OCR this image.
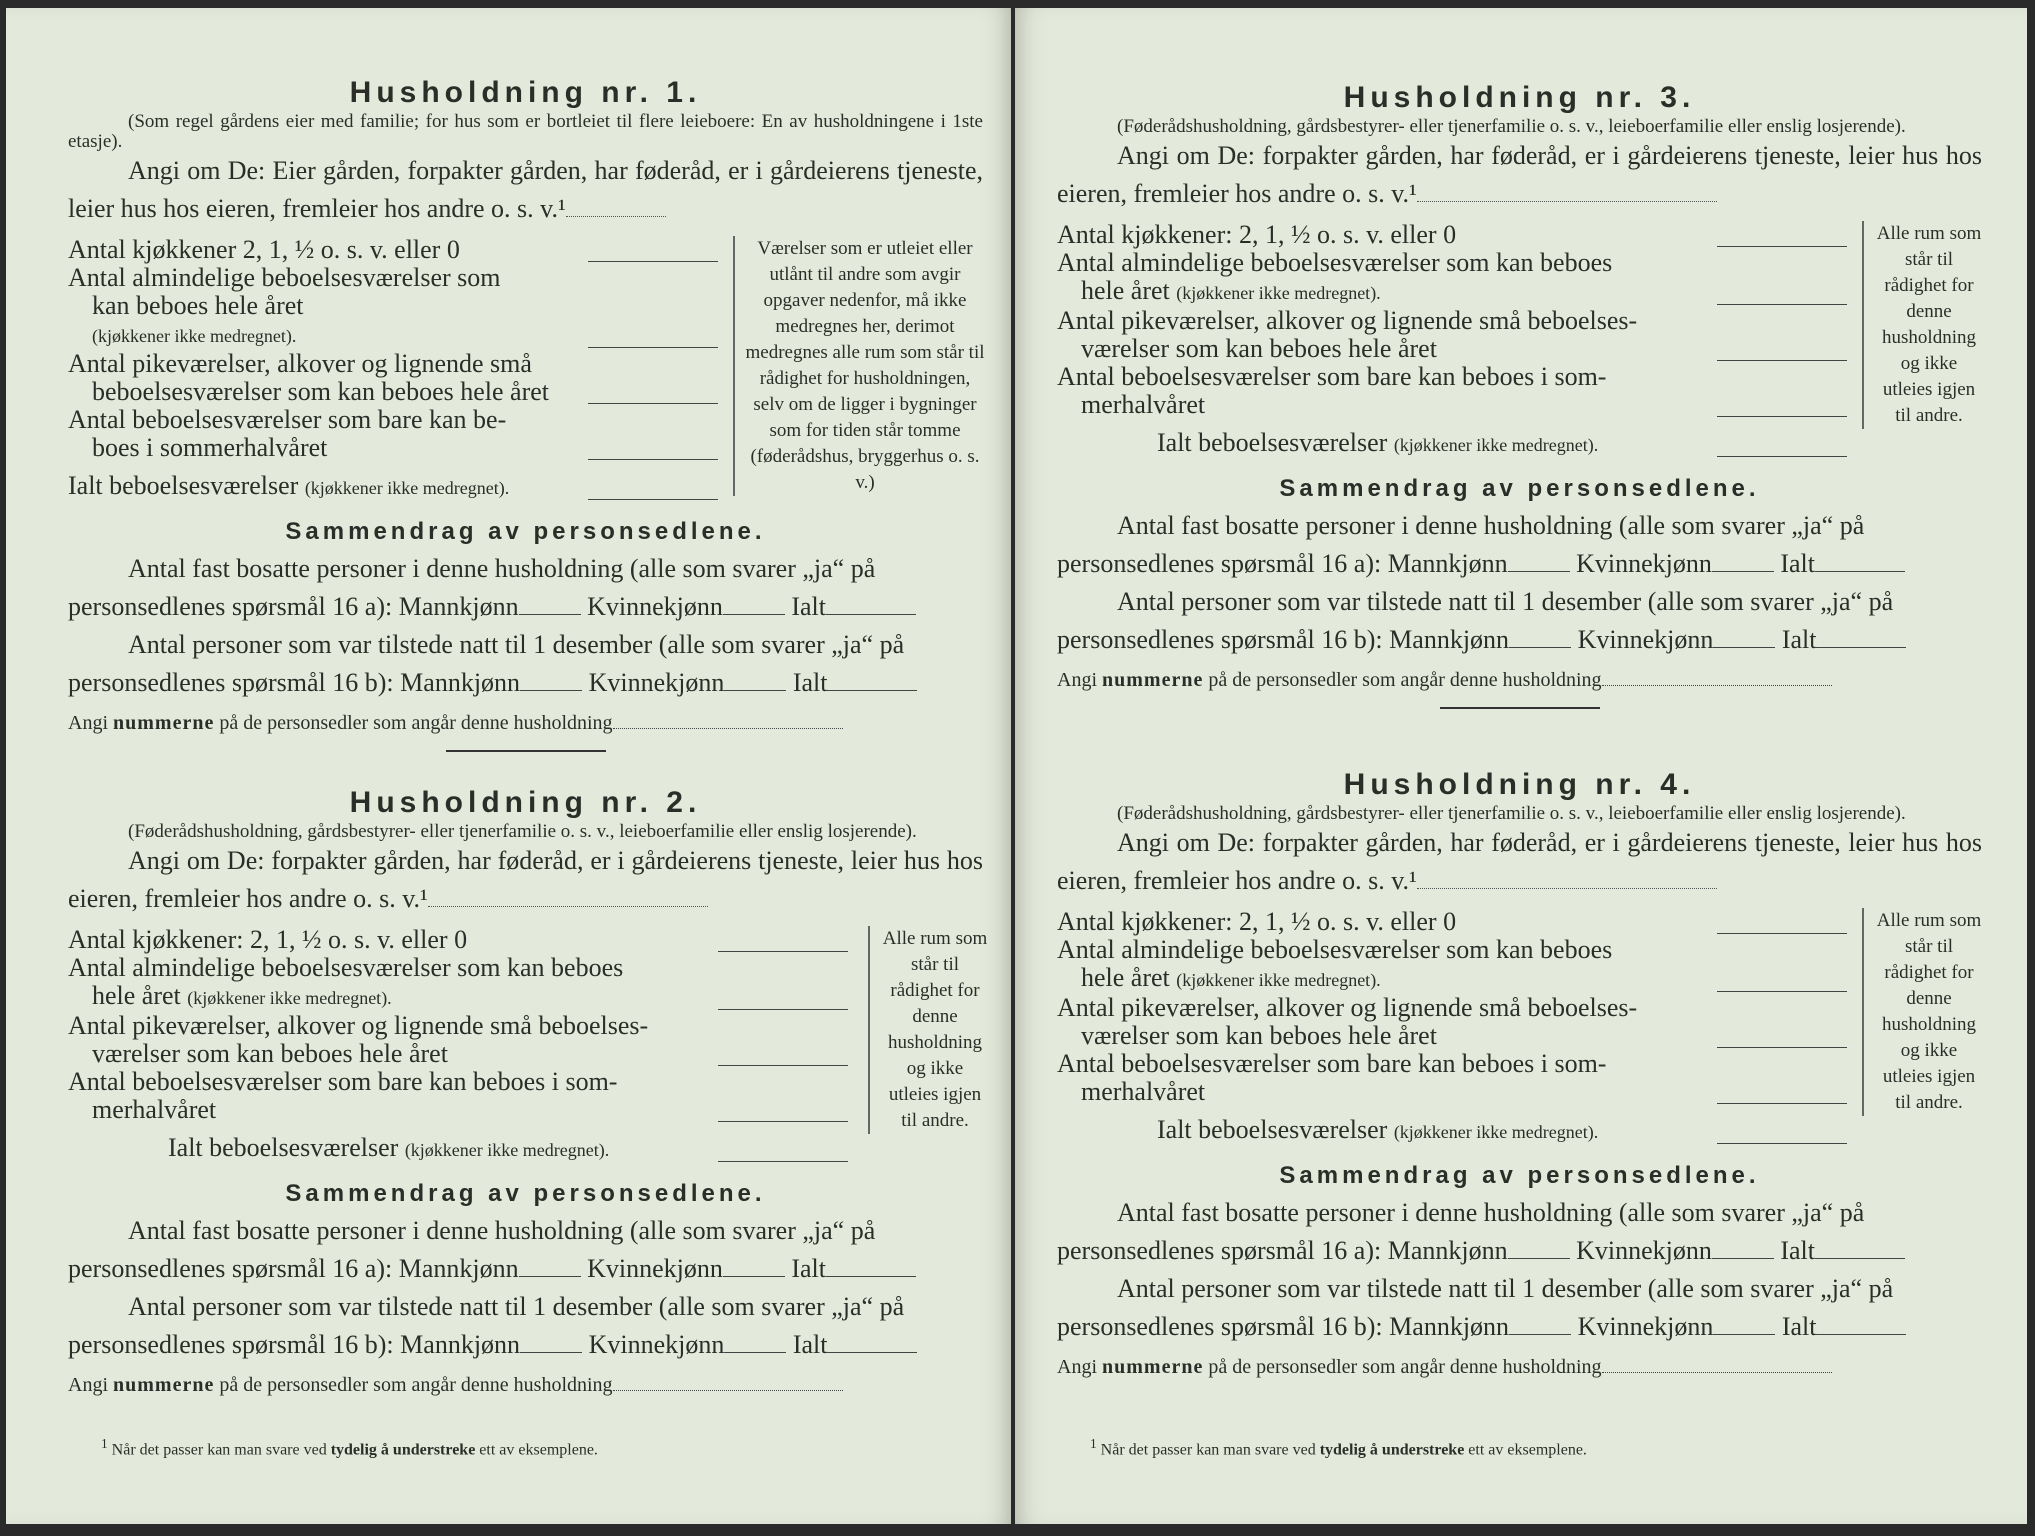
Husholdning nr. 1.

(Som regel gårdens eier med familie; for hus som er bortleiet til flere leieboere: En av husholdningene i 1ste etasje).

Angi om De: Eier gården, forpakter gården, har føderåd, er i gårdeierens tjeneste, leier hus hos eieren, fremleier hos andre o. s. v.¹

Antal kjøkkener 2, 1, ½ o. s. v. eller 0
Antal almindelige beboelsesværelser som
kan beboes hele året

(kjøkkener ikke medregnet).
Antal pikeværelser, alkover og lignende små
beboelsesværelser som kan beboes hele året
Antal beboelsesværelser som bare kan be-
boes i sommerhalvåret
Ialt beboelsesværelser (kjøkkener ikke medregnet).
Værelser som er utleiet eller utlånt til andre som avgir opgaver nedenfor, må ikke medregnes her, derimot medregnes alle rum som står til rådighet for husholdningen, selv om de ligger i bygninger som for tiden står tomme (føderådshus, bryggerhus o. s. v.)

Sammendrag av personsedlene.

Antal fast bosatte personer i denne husholdning (alle som svarer „ja“ på

personsedlenes spørsmål 16 a): Mannkjønn	Kvinnekjønn	Ialt

Antal personer som var tilstede natt til 1 desember (alle som svarer „ja“ på

personsedlenes spørsmål 16 b): Mannkjønn	Kvinnekjønn	Ialt

Angi nummerne på de personsedler som angår denne husholdning

Husholdning nr. 2.

(Føderådshusholdning, gårdsbestyrer- eller tjenerfamilie o. s. v., leieboerfamilie eller enslig losjerende).

Angi om De: forpakter gården, har føderåd, er i gårdeierens tjeneste, leier hus hos eieren, fremleier hos andre o. s. v.¹

Antal kjøkkener: 2, 1, ½ o. s. v. eller 0
Antal almindelige beboelsesværelser som kan beboes
hele året (kjøkkener ikke medregnet).
Antal pikeværelser, alkover og lignende små beboelses-
værelser som kan beboes hele året
Antal beboelsesværelser som bare kan beboes i som-
merhalvåret
Ialt beboelsesværelser (kjøkkener ikke medregnet).
Alle rum som står til rådighet for denne husholdning og ikke utleies igjen til andre.

Sammendrag av personsedlene.

Antal fast bosatte personer i denne husholdning (alle som svarer „ja“ på

personsedlenes spørsmål 16 a): Mannkjønn	Kvinnekjønn	Ialt

Antal personer som var tilstede natt til 1 desember (alle som svarer „ja“ på

personsedlenes spørsmål 16 b): Mannkjønn	Kvinnekjønn	Ialt

Angi nummerne på de personsedler som angår denne husholdning
$^1$ Når det passer kan man svare ved tydelig å understreke ett av eksemplene.

Husholdning nr. 3.

(Føderådshusholdning, gårdsbestyrer- eller tjenerfamilie o. s. v., leieboerfamilie eller enslig losjerende).

Angi om De: forpakter gården, har føderåd, er i gårdeierens tjeneste, leier hus hos eieren, fremleier hos andre o. s. v.¹

Antal kjøkkener: 2, 1, ½ o. s. v. eller 0
Antal almindelige beboelsesværelser som kan beboes
hele året (kjøkkener ikke medregnet).
Antal pikeværelser, alkover og lignende små beboelses-
værelser som kan beboes hele året
Antal beboelsesværelser som bare kan beboes i som-
merhalvåret
Ialt beboelsesværelser (kjøkkener ikke medregnet).
Alle rum som står til rådighet for denne husholdning og ikke utleies igjen til andre.

Sammendrag av personsedlene.

Antal fast bosatte personer i denne husholdning (alle som svarer „ja“ på

personsedlenes spørsmål 16 a): Mannkjønn	Kvinnekjønn	Ialt

Antal personer som var tilstede natt til 1 desember (alle som svarer „ja“ på

personsedlenes spørsmål 16 b): Mannkjønn	Kvinnekjønn	Ialt

Angi nummerne på de personsedler som angår denne husholdning

Husholdning nr. 4.

(Føderådshusholdning, gårdsbestyrer- eller tjenerfamilie o. s. v., leieboerfamilie eller enslig losjerende).

Angi om De: forpakter gården, har føderåd, er i gårdeierens tjeneste, leier hus hos eieren, fremleier hos andre o. s. v.¹

Antal kjøkkener: 2, 1, ½ o. s. v. eller 0
Antal almindelige beboelsesværelser som kan beboes
hele året (kjøkkener ikke medregnet).
Antal pikeværelser, alkover og lignende små beboelses-
værelser som kan beboes hele året
Antal beboelsesværelser som bare kan beboes i som-
merhalvåret
Ialt beboelsesværelser (kjøkkener ikke medregnet).
Alle rum som står til rådighet for denne husholdning og ikke utleies igjen til andre.

Sammendrag av personsedlene.

Antal fast bosatte personer i denne husholdning (alle som svarer „ja“ på

personsedlenes spørsmål 16 a): Mannkjønn	Kvinnekjønn	Ialt

Antal personer som var tilstede natt til 1 desember (alle som svarer „ja“ på

personsedlenes spørsmål 16 b): Mannkjønn	Kvinnekjønn	Ialt

Angi nummerne på de personsedler som angår denne husholdning
$^1$ Når det passer kan man svare ved tydelig å understreke ett av eksemplene.
